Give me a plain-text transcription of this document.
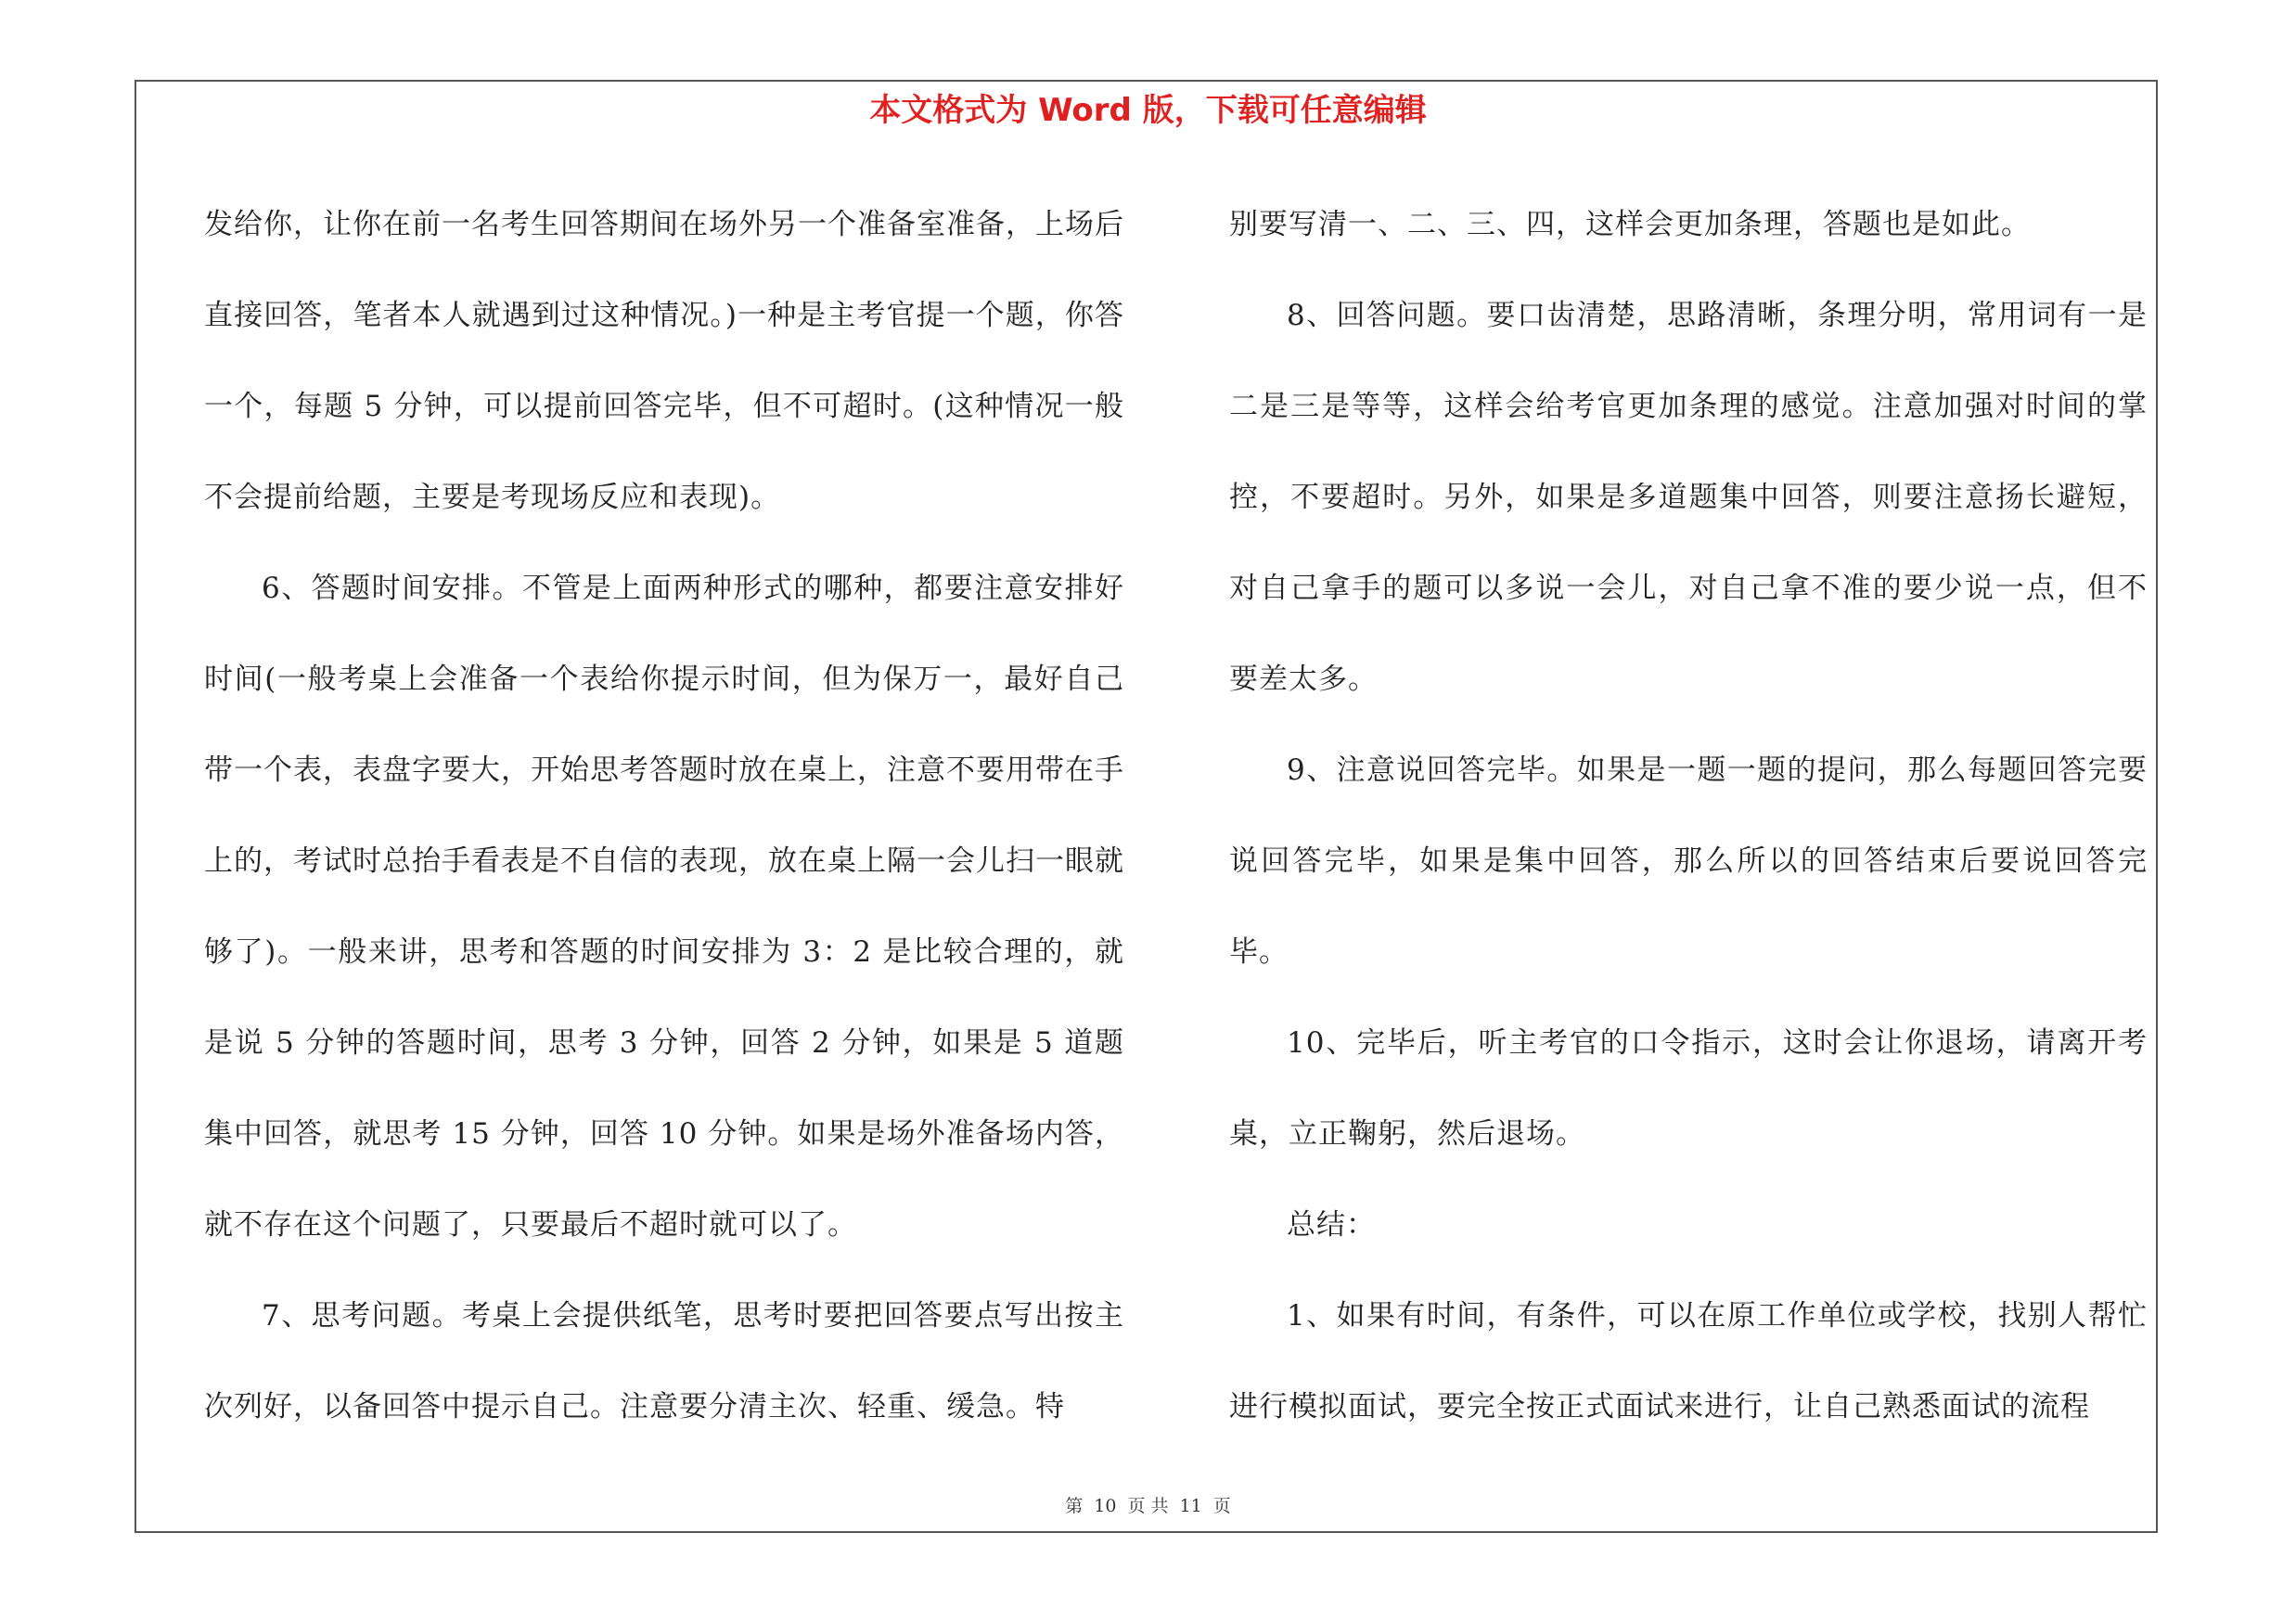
本文格式为 Word 版，下载可任意编辑

发给你，让你在前一名考生回答期间在场外另一个准备室准备，上场后直接回答，笔者本人就遇到过这种情况。)一种是主考官提一个题，你答一个，每题 5 分钟，可以提前回答完毕，但不可超时。(这种情况一般不会提前给题，主要是考现场反应和表现)。

6、答题时间安排。不管是上面两种形式的哪种，都要注意安排好时间(一般考桌上会准备一个表给你提示时间，但为保万一，最好自己带一个表，表盘字要大，开始思考答题时放在桌上，注意不要用带在手上的，考试时总抬手看表是不自信的表现，放在桌上隔一会儿扫一眼就够了)。一般来讲，思考和答题的时间安排为 3：2 是比较合理的，就是说 5 分钟的答题时间，思考 3 分钟，回答 2 分钟，如果是 5 道题集中回答，就思考 15 分钟，回答 10 分钟。如果是场外准备场内答，就不存在这个问题了，只要最后不超时就可以了。

7、思考问题。考桌上会提供纸笔，思考时要把回答要点写出按主次列好，以备回答中提示自己。注意要分清主次、轻重、缓急。特

别要写清一、二、三、四，这样会更加条理，答题也是如此。

8、回答问题。要口齿清楚，思路清晰，条理分明，常用词有一是二是三是等等，这样会给考官更加条理的感觉。注意加强对时间的掌控，不要超时。另外，如果是多道题集中回答，则要注意扬长避短，对自己拿手的题可以多说一会儿，对自己拿不准的要少说一点，但不要差太多。

9、注意说回答完毕。如果是一题一题的提问，那么每题回答完要说回答完毕，如果是集中回答，那么所以的回答结束后要说回答完毕。

10、完毕后，听主考官的口令指示，这时会让你退场，请离开考桌，立正鞠躬，然后退场。

总结：

1、如果有时间，有条件，可以在原工作单位或学校，找别人帮忙进行模拟面试，要完全按正式面试来进行，让自己熟悉面试的流程

第 10 页 共 11 页
